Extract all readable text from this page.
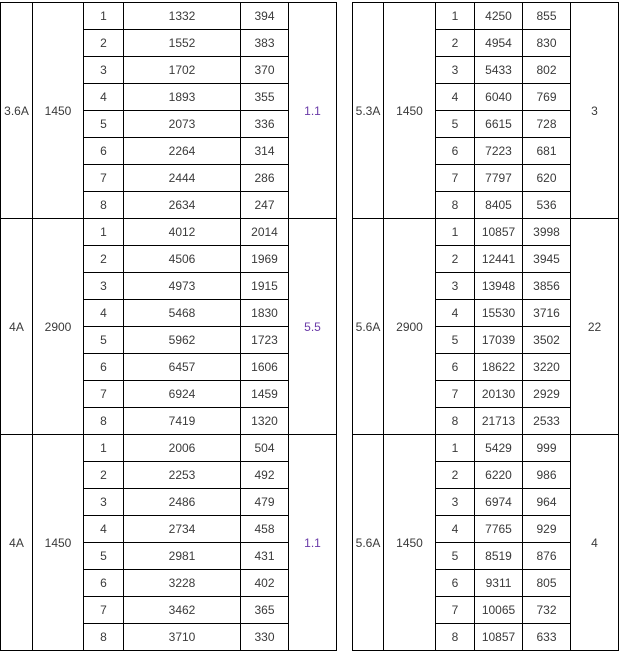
3.6A	1450	1	1332	394	1.1
		2	1552	383	
		3	1702	370	
		4	1893	355	
		5	2073	336	
		6	2264	314	
		7	2444	286	
		8	2634	247	
4A	2900	1	4012	2014	5.5
		2	4506	1969	
		3	4973	1915	
		4	5468	1830	
		5	5962	1723	
		6	6457	1606	
		7	6924	1459	
		8	7419	1320	
4A	1450	1	2006	504	1.1
		2	2253	492	
		3	2486	479	
		4	2734	458	
		5	2981	431	
		6	3228	402	
		7	3462	365	
		8	3710	330	
5.3A	1450	1	4250	855	3
		2	4954	830	
		3	5433	802	
		4	6040	769	
		5	6615	728	
		6	7223	681	
		7	7797	620	
		8	8405	536	
5.6A	2900	1	10857	3998	22
		2	12441	3945	
		3	13948	3856	
		4	15530	3716	
		5	17039	3502	
		6	18622	3220	
		7	20130	2929	
		8	21713	2533	
5.6A	1450	1	5429	999	4
		2	6220	986	
		3	6974	964	
		4	7765	929	
		5	8519	876	
		6	9311	805	
		7	10065	732	
		8	10857	633	
